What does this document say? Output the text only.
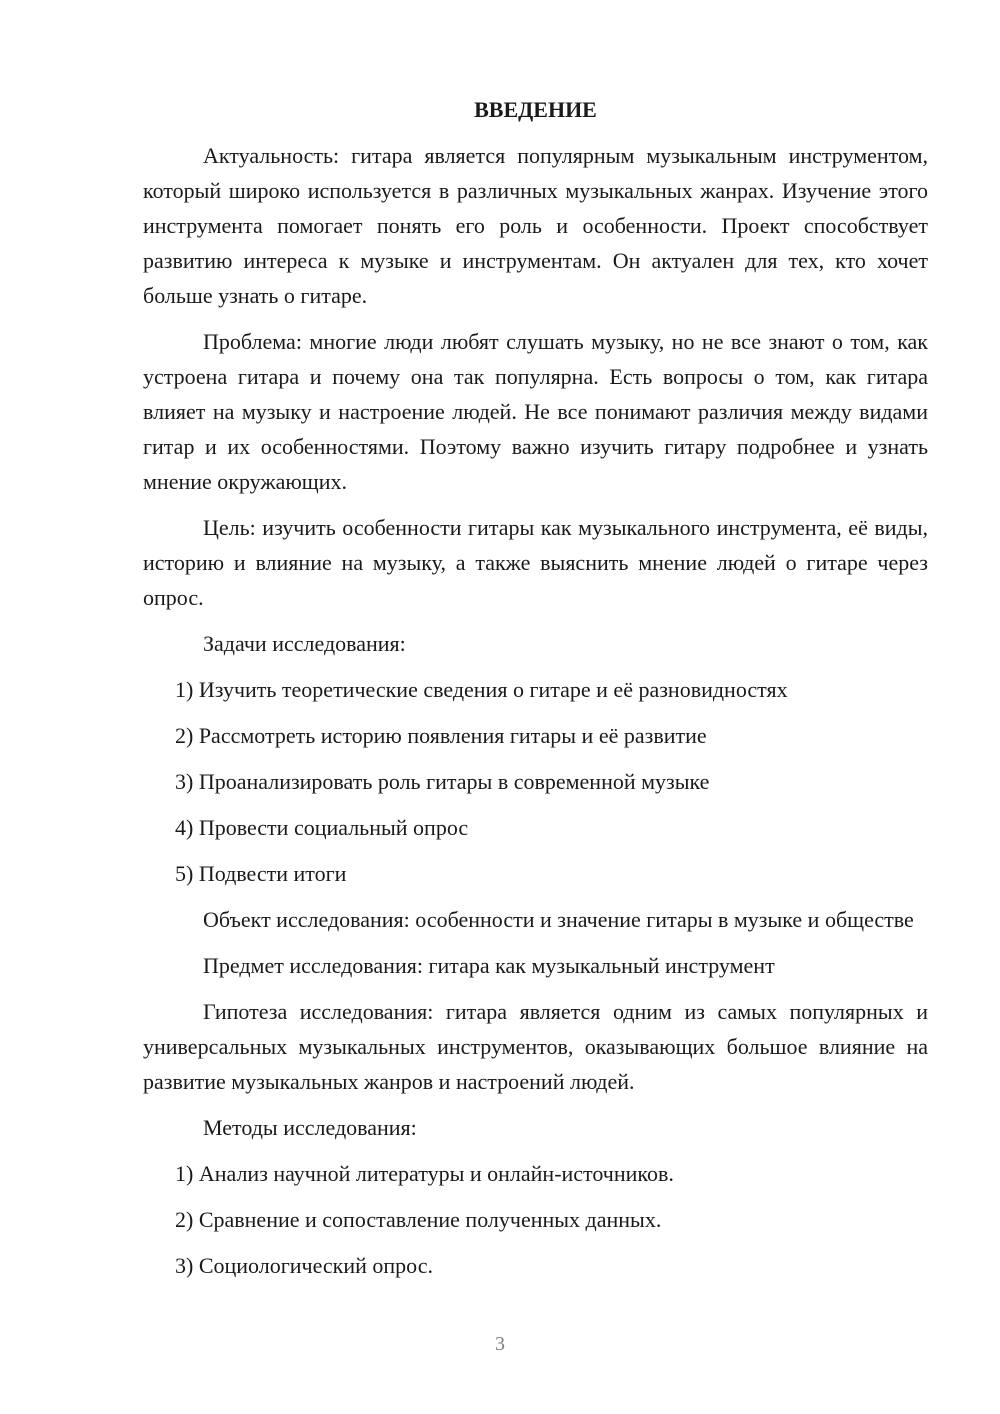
ВВЕДЕНИЕ

Актуальность: гитара является популярным музыкальным инструментом, который широко используется в различных музыкальных жанрах. Изучение этого инструмента помогает понять его роль и особенности. Проект способствует развитию интереса к музыке и инструментам. Он актуален для тех, кто хочет больше узнать о гитаре.

Проблема: многие люди любят слушать музыку, но не все знают о том, как устроена гитара и почему она так популярна. Есть вопросы о том, как гитара влияет на музыку и настроение людей. Не все понимают различия между видами гитар и их особенностями. Поэтому важно изучить гитару подробнее и узнать мнение окружающих.

Цель: изучить особенности гитары как музыкального инструмента, её виды, историю и влияние на музыку, а также выяснить мнение людей о гитаре через опрос.

Задачи исследования:

1) Изучить теоретические сведения о гитаре и её разновидностях
2) Рассмотреть историю появления гитары и её развитие
3) Проанализировать роль гитары в современной музыке
4) Провести социальный опрос
5) Подвести итоги

Объект исследования: особенности и значение гитары в музыке и обществе

Предмет исследования: гитара как музыкальный инструмент

Гипотеза исследования: гитара является одним из самых популярных и универсальных музыкальных инструментов, оказывающих большое влияние на развитие музыкальных жанров и настроений людей.

Методы исследования:

1) Анализ научной литературы и онлайн-источников.
2) Сравнение и сопоставление полученных данных.
3) Социологический опрос.
3
